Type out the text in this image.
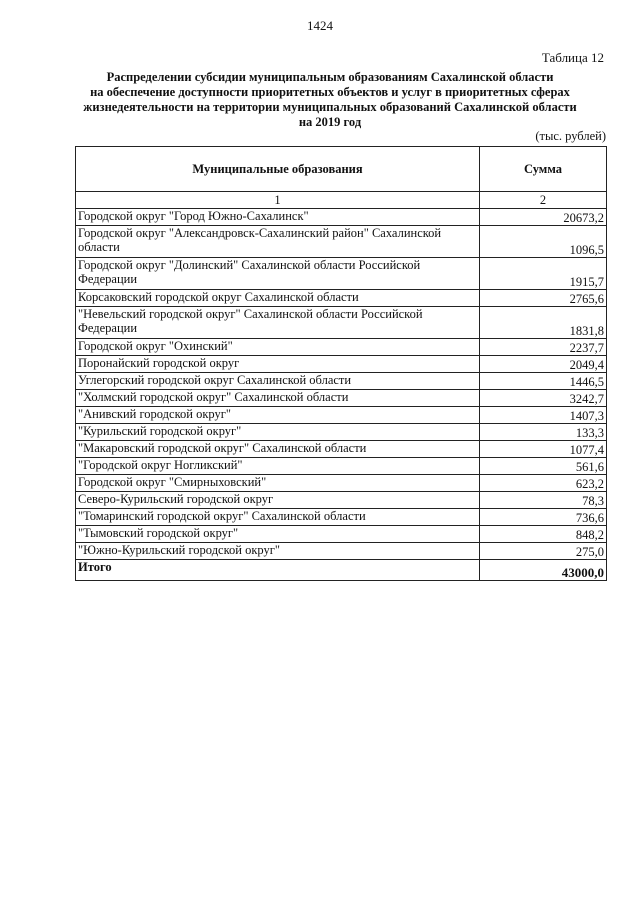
1424
Таблица 12
Распределении субсидии муниципальным образованиям Сахалинской области
на обеспечение доступности приоритетных объектов и услуг в приоритетных сферах
жизнедеятельности на территории муниципальных образований Сахалинской области
на 2019 год
(тыс. рублей)
Муниципальные образования	Сумма
1	2
Городской округ "Город Южно-Сахалинск"	20673,2
Городской округ "Александровск-Сахалинский район" Сахалинской области	1096,5
Городской округ "Долинский" Сахалинской области Российской Федерации	1915,7
Корсаковский городской округ Сахалинской области	2765,6
"Невельский городской округ" Сахалинской области Российской Федерации	1831,8
Городской округ "Охинский"	2237,7
Поронайский городской округ	2049,4
Углегорский городской округ Сахалинской области	1446,5
"Холмский городской округ" Сахалинской области	3242,7
"Анивский городской округ"	1407,3
"Курильский городской округ"	133,3
"Макаровский городской округ" Сахалинской области	1077,4
"Городской округ Ногликский"	561,6
Городской округ "Смирныховский"	623,2
Северо-Курильский городской округ	78,3
"Томаринский городской округ" Сахалинской области	736,6
"Тымовский городской округ"	848,2
"Южно-Курильский городской округ"	275,0
Итого	43000,0
